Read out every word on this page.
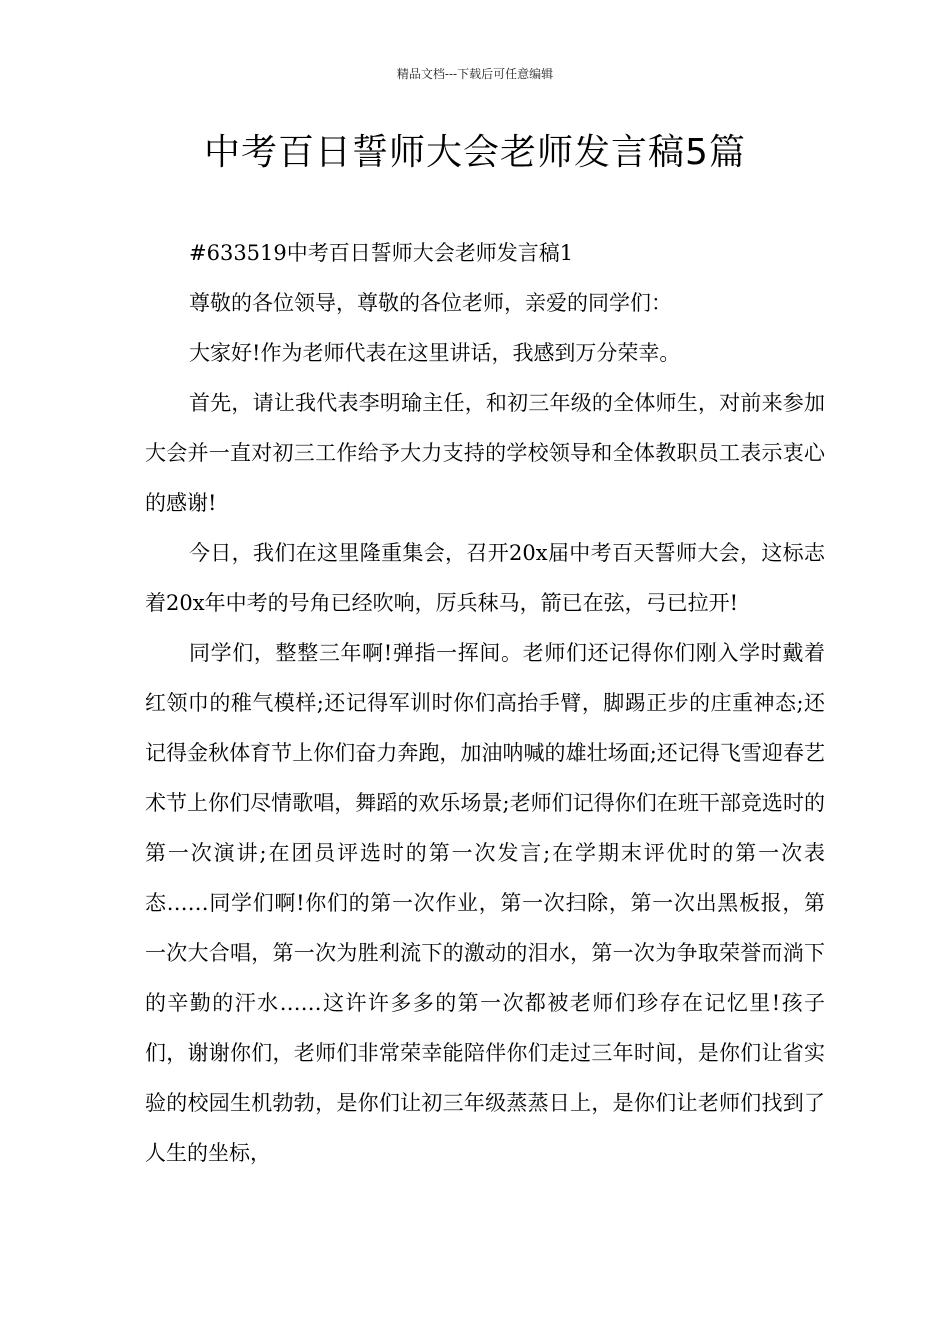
精品文档---下载后可任意编辑
中考百日誓师大会老师发言稿5篇

#633519中考百日誓师大会老师发言稿1

尊敬的各位领导，尊敬的各位老师，亲爱的同学们：

大家好!作为老师代表在这里讲话，我感到万分荣幸。

首先，请让我代表李明瑜主任，和初三年级的全体师生，对前来参加大会并一直对初三工作给予大力支持的学校领导和全体教职员工表示衷心的感谢!

今日，我们在这里隆重集会，召开20x届中考百天誓师大会，这标志着20x年中考的号角已经吹响，厉兵秣马，箭已在弦，弓已拉开!

同学们，整整三年啊!弹指一挥间。老师们还记得你们刚入学时戴着红领巾的稚气模样;还记得军训时你们高抬手臂，脚踢正步的庄重神态;还记得金秋体育节上你们奋力奔跑，加油呐喊的雄壮场面;还记得飞雪迎春艺术节上你们尽情歌唱，舞蹈的欢乐场景;老师们记得你们在班干部竞选时的第一次演讲;在团员评选时的第一次发言;在学期末评优时的第一次表态……同学们啊!你们的第一次作业，第一次扫除，第一次出黑板报，第一次大合唱，第一次为胜利流下的激动的泪水，第一次为争取荣誉而淌下的辛勤的汗水……这许许多多的第一次都被老师们珍存在记忆里!孩子们，谢谢你们，老师们非常荣幸能陪伴你们走过三年时间，是你们让省实验的校园生机勃勃，是你们让初三年级蒸蒸日上，是你们让老师们找到了人生的坐标，
